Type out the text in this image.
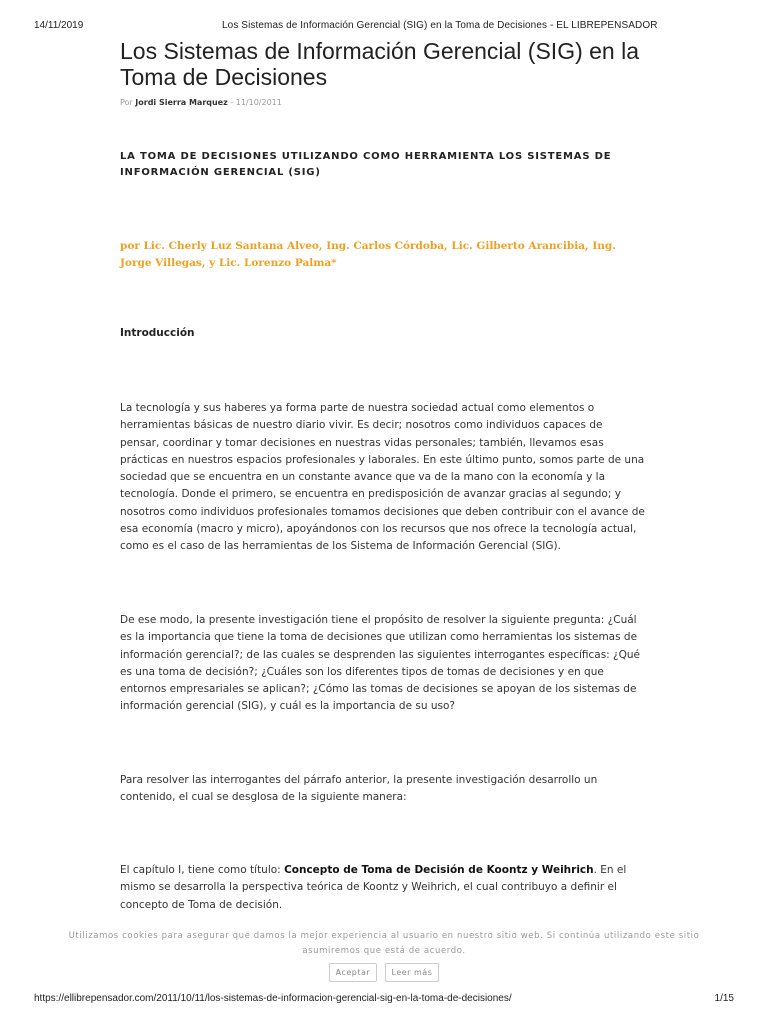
14/11/2019	Los Sistemas de Información Gerencial (SIG) en la Toma de Decisiones - EL LIBREPENSADOR
Los Sistemas de Información Gerencial (SIG) en la Toma de Decisiones
Por Jordi Sierra Marquez - 11/10/2011
LA TOMA DE DECISIONES UTILIZANDO COMO HERRAMIENTA LOS SISTEMAS DE INFORMACIÓN GERENCIAL (SIG)
por Lic. Cherly Luz Santana Alveo, Ing. Carlos Córdoba, Lic. Gilberto Arancibia, Ing. Jorge Villegas, y Lic. Lorenzo Palma*
Introducción

La tecnología y sus haberes ya forma parte de nuestra sociedad actual como elementos o herramientas básicas de nuestro diario vivir. Es decir; nosotros como individuos capaces de pensar, coordinar y tomar decisiones en nuestras vidas personales; también, llevamos esas prácticas en nuestros espacios profesionales y laborales. En este último punto, somos parte de una sociedad que se encuentra en un constante avance que va de la mano con la economía y la tecnología. Donde el primero, se encuentra en predisposición de avanzar gracias al segundo; y nosotros como individuos profesionales tomamos decisiones que deben contribuir con el avance de esa economía (macro y micro), apoyándonos con los recursos que nos ofrece la tecnología actual, como es el caso de las herramientas de los Sistema de Información Gerencial (SIG).

De ese modo, la presente investigación tiene el propósito de resolver la siguiente pregunta: ¿Cuál es la importancia que tiene la toma de decisiones que utilizan como herramientas los sistemas de información gerencial?; de las cuales se desprenden las siguientes interrogantes específicas: ¿Qué es una toma de decisión?; ¿Cuáles son los diferentes tipos de tomas de decisiones y en que entornos empresariales se aplican?; ¿Cómo las tomas de decisiones se apoyan de los sistemas de información gerencial (SIG), y cuál es la importancia de su uso?

Para resolver las interrogantes del párrafo anterior, la presente investigación desarrollo un contenido, el cual se desglosa de la siguiente manera:

El capítulo I, tiene como título: Concepto de Toma de Decisión de Koontz y Weihrich. En el mismo se desarrolla la perspectiva teórica de Koontz y Weihrich, el cual contribuyo a definir el concepto de Toma de decisión.

Utilizamos cookies para asegurar que damos la mejor experiencia al usuario en nuestro sitio web. Si continúa utilizando este sitio asumiremos que está de acuerdo.
Aceptar	Leer más
https://ellibrepensador.com/2011/10/11/los-sistemas-de-informacion-gerencial-sig-en-la-toma-de-decisiones/	1/15
